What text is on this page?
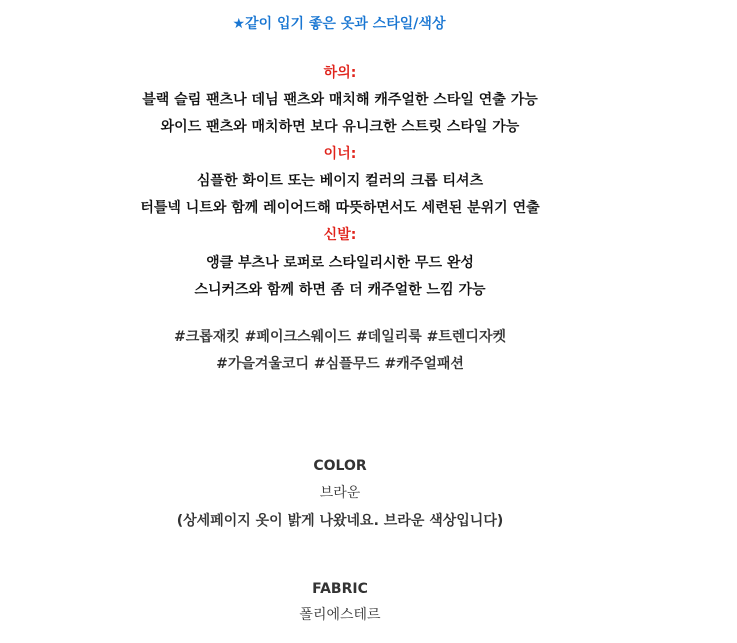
★같이 입기 좋은 옷과 스타일/색상
하의:
블랙 슬림 팬츠나 데님 팬츠와 매치해 캐주얼한 스타일 연출 가능
와이드 팬츠와 매치하면 보다 유니크한 스트릿 스타일 가능
이너:
심플한 화이트 또는 베이지 컬러의 크롭 티셔츠
터틀넥 니트와 함께 레이어드해 따뜻하면서도 세련된 분위기 연출
신발:
앵클 부츠나 로퍼로 스타일리시한 무드 완성
스니커즈와 함께 하면 좀 더 캐주얼한 느낌 가능
#크롭재킷 #페이크스웨이드 #데일리룩 #트렌디자켓
#가을겨울코디 #심플무드 #캐주얼패션
COLOR
브라운
(상세페이지 옷이 밝게 나왔네요. 브라운 색상입니다)
FABRIC
폴리에스테르
